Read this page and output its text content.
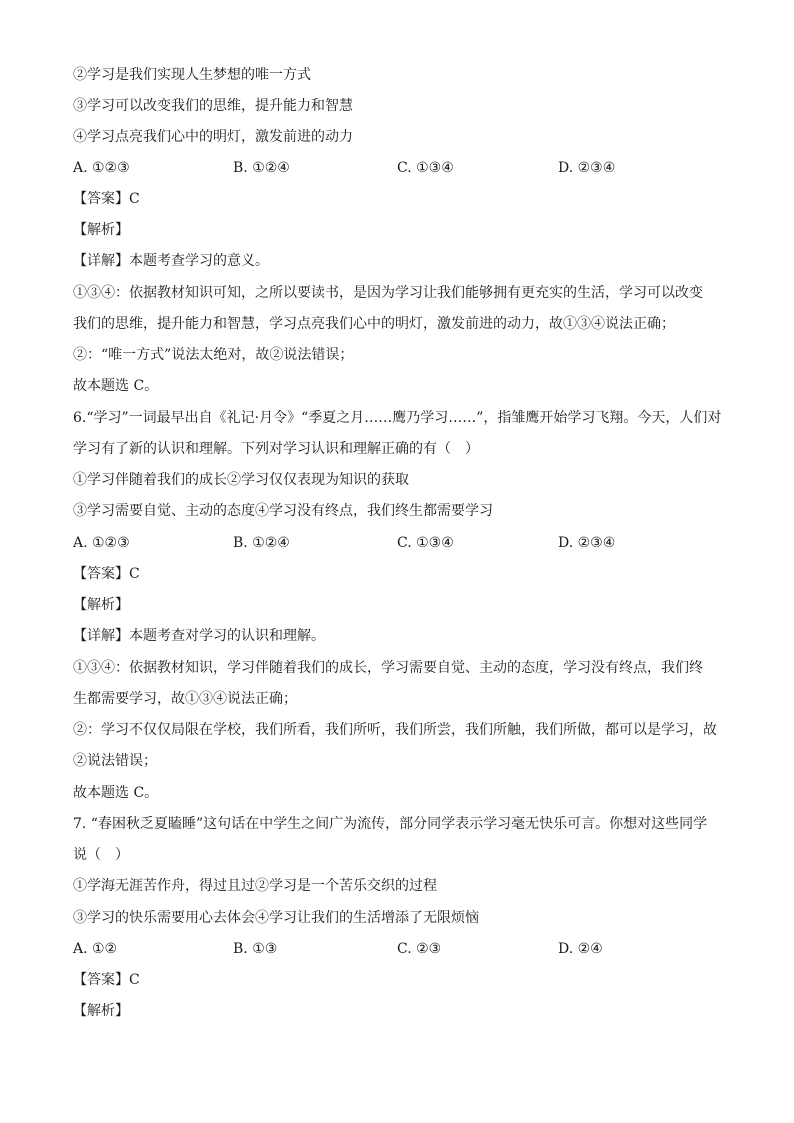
②学习是我们实现人生梦想的唯一方式
③学习可以改变我们的思维，提升能力和智慧
④学习点亮我们心中的明灯，激发前进的动力
A. ①②③	B. ①②④	C. ①③④	D. ②③④
【答案】C
【解析】
【详解】本题考查学习的意义。
①③④：依据教材知识可知，之所以要读书，是因为学习让我们能够拥有更充实的生活，学习可以改变
我们的思维，提升能力和智慧，学习点亮我们心中的明灯，激发前进的动力，故①③④说法正确；
②：“唯一方式”说法太绝对，故②说法错误；
故本题选 C。
6.“学习”一词最早出自《礼记·月令》“季夏之月……鹰乃学习……”，指雏鹰开始学习飞翔。今天，人们对
学习有了新的认识和理解。下列对学习认识和理解正确的有（　）
①学习伴随着我们的成长②学习仅仅表现为知识的获取
③学习需要自觉、主动的态度④学习没有终点，我们终生都需要学习
A. ①②③	B. ①②④	C. ①③④	D. ②③④
【答案】C
【解析】
【详解】本题考查对学习的认识和理解。
①③④：依据教材知识，学习伴随着我们的成长，学习需要自觉、主动的态度，学习没有终点，我们终
生都需要学习，故①③④说法正确；
②：学习不仅仅局限在学校，我们所看，我们所听，我们所尝，我们所触，我们所做，都可以是学习，故
②说法错误；
故本题选 C。
7. “春困秋乏夏瞌睡”这句话在中学生之间广为流传，部分同学表示学习毫无快乐可言。你想对这些同学
说（　）
①学海无涯苦作舟，得过且过②学习是一个苦乐交织的过程
③学习的快乐需要用心去体会④学习让我们的生活增添了无限烦恼
A. ①②	B. ①③	C. ②③	D. ②④
【答案】C
【解析】
